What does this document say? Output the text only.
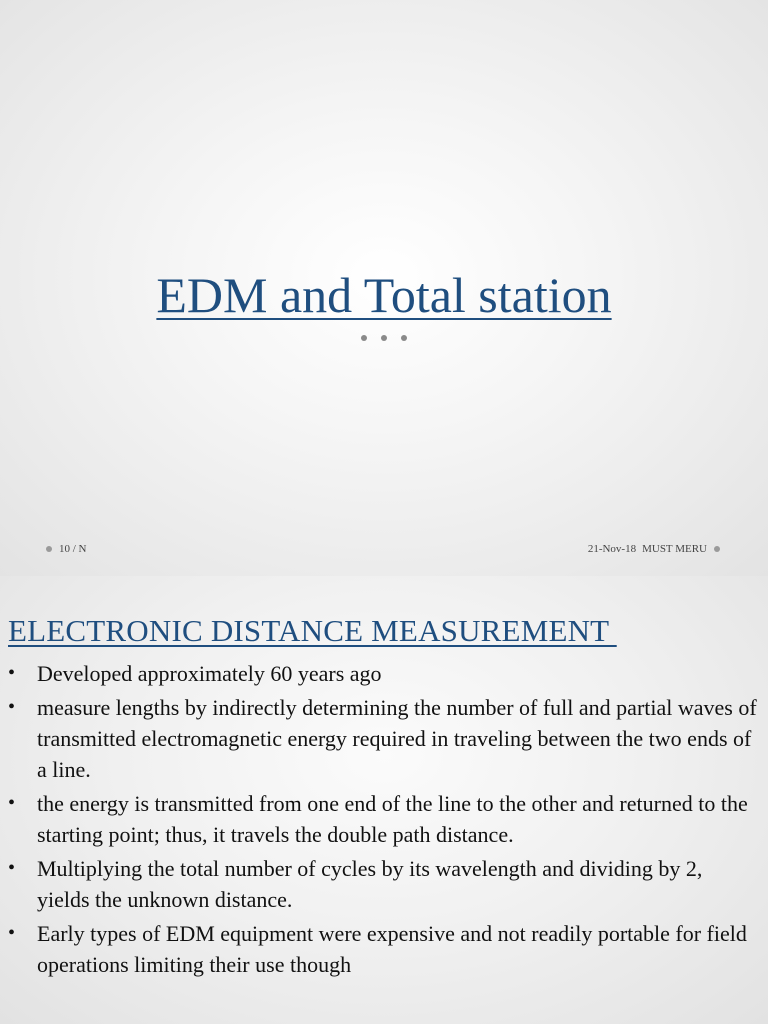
EDM and Total station
10 / N	21-Nov-18 MUST MERU
ELECTRONIC DISTANCE MEASUREMENT
• Developed approximately 60 years ago
• measure lengths by indirectly determining the number of full and partial waves of transmitted electromagnetic energy required in traveling between the two ends of a line.
• the energy is transmitted from one end of the line to the other and returned to the starting point; thus, it travels the double path distance.
• Multiplying the total number of cycles by its wavelength and dividing by 2, yields the unknown distance.
• Early types of EDM equipment were expensive and not readily portable for field operations limiting their use though
